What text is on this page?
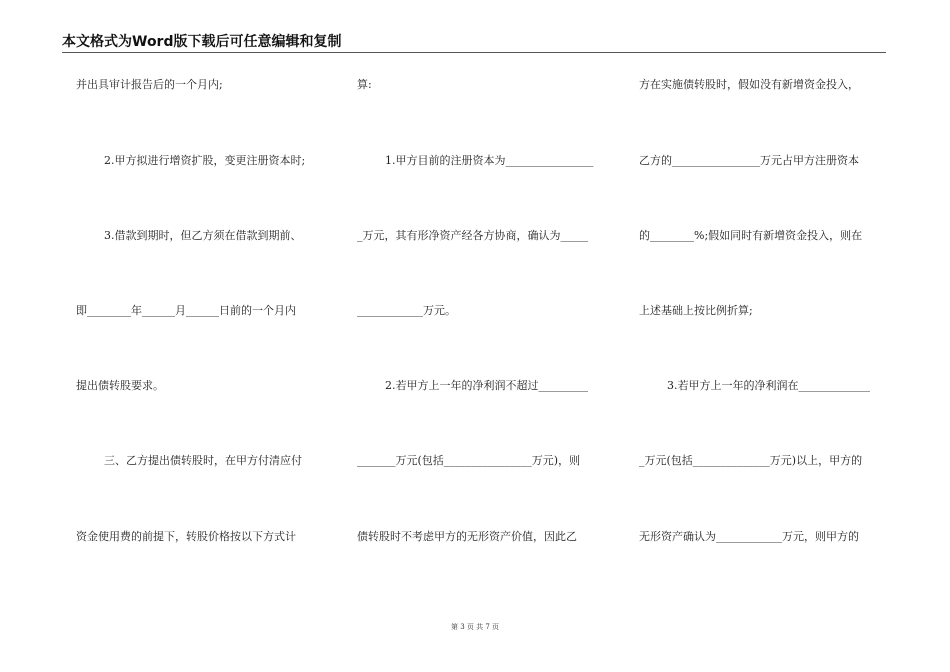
本文格式为Word版下载后可任意编辑和复制
并出具审计报告后的一个月内;
2.甲方拟进行增资扩股，变更注册资本时;
3.借款到期时，但乙方须在借款到期前、
即________年______月______日前的一个月内
提出债转股要求。
三、乙方提出债转股时，在甲方付清应付
资金使用费的前提下，转股价格按以下方式计
算:
1.甲方目前的注册资本为________________
_万元，其有形净资产经各方协商，确认为_____
____________万元。
2.若甲方上一年的净利润不超过_________
_______万元(包括________________万元)，则
债转股时不考虑甲方的无形资产价值，因此乙
方在实施债转股时，假如没有新增资金投入，
乙方的________________万元占甲方注册资本
的________%;假如同时有新增资金投入，则在
上述基础上按比例折算;
3.若甲方上一年的净利润在_____________
_万元(包括______________万元)以上，甲方的
无形资产确认为____________万元，则甲方的
第 3 页 共 7 页
